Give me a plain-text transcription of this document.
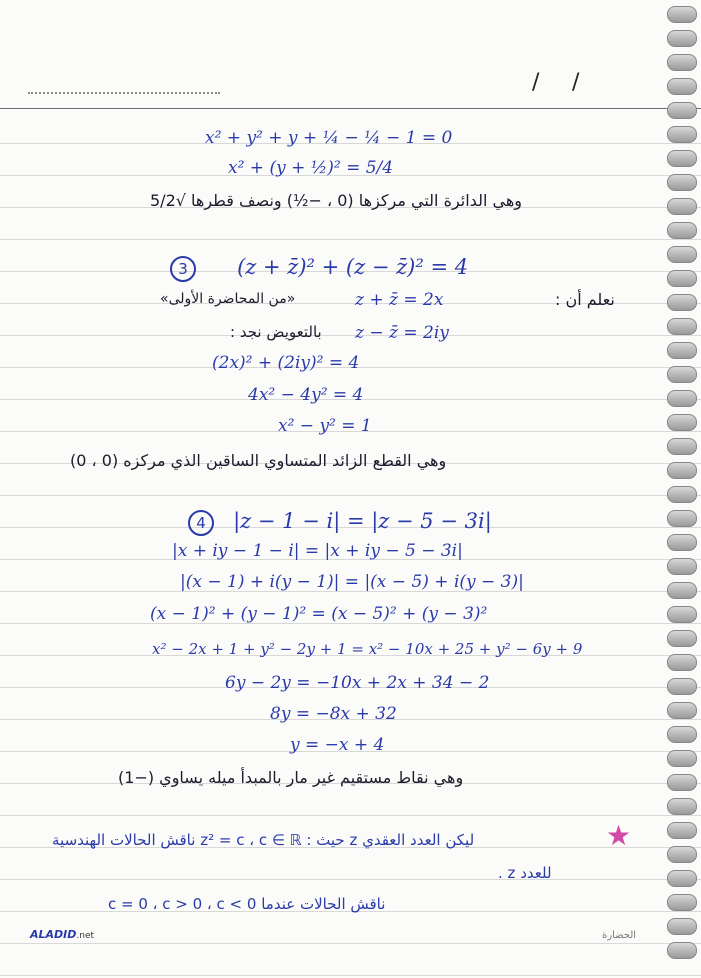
/ /
x² + y² + y + ¼ − ¼ − 1 = 0
x² + (y + ½)² = 5/4
وهي الدائرة التي مركزها (0 ، −½) ونصف قطرها √5/2
3 (z + z̄)² + (z − z̄)² = 4
نعلم أن :
z + z̄ = 2x
«من المحاضرة الأولى»
بالتعويض نجد : z − z̄ = 2iy
(2x)² + (2iy)² = 4
4x² − 4y² = 4
x² − y² = 1
وهي القطع الزائد المتساوي الساقين الذي مركزه (0 ، 0)
4 |z − 1 − i| = |z − 5 − 3i|
|x + iy − 1 − i| = |x + iy − 5 − 3i|
|(x − 1) + i(y − 1)| = |(x − 5) + i(y − 3)|
(x − 1)² + (y − 1)² = (x − 5)² + (y − 3)²
x² − 2x + 1 + y² − 2y + 1 = x² − 10x + 25 + y² − 6y + 9
6y − 2y = −10x + 2x + 34 − 2
8y = −8x + 32
y = −x + 4
وهي نقاط مستقيم غير مار بالمبدأ ميله يساوي (−1)
★
ليكن العدد العقدي z حيث : z² = c ، c ∈ ℝ ناقش الحالات الهندسية
للعدد z .
ناقش الحالات عندما c = 0 ، c > 0 ، c < 0
ALADID.net	الحضارة
